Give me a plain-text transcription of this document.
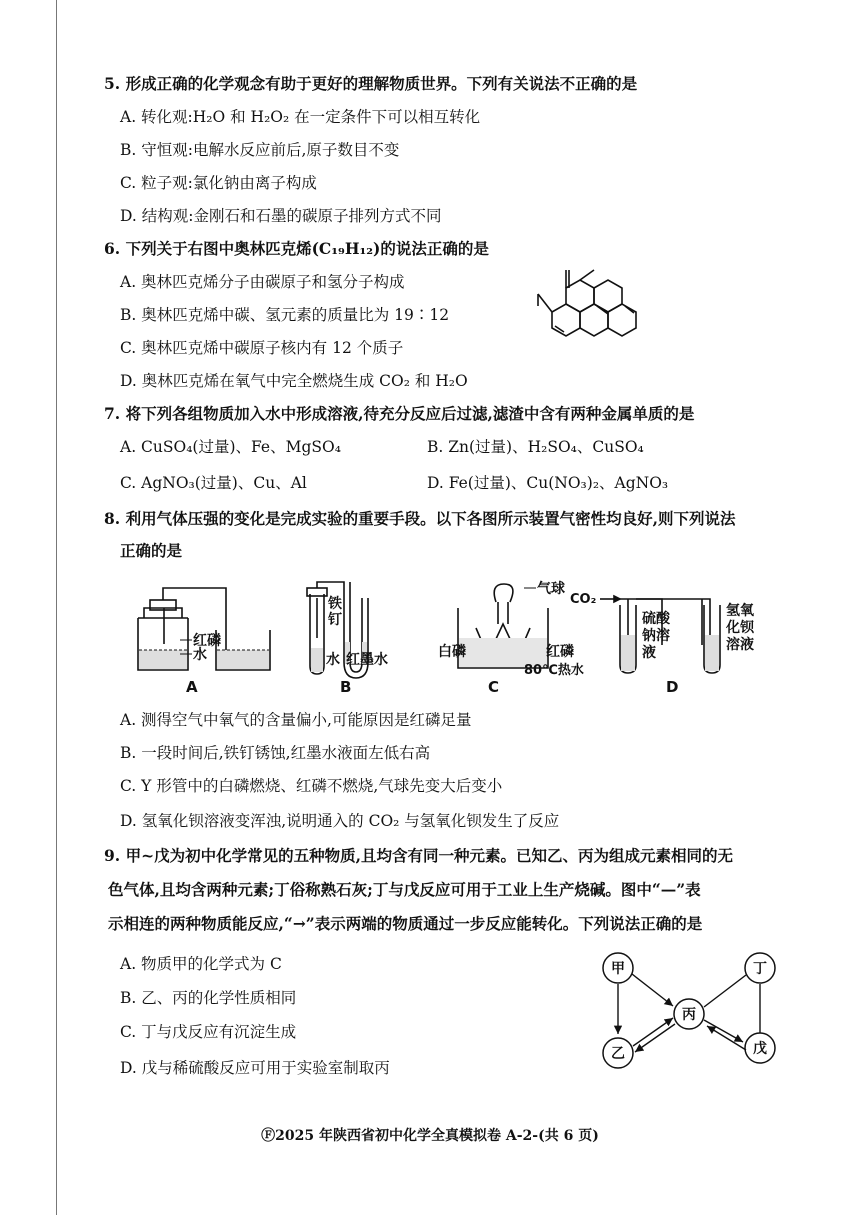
5. 形成正确的化学观念有助于更好的理解物质世界。下列有关说法不正确的是
A. 转化观:H₂O 和 H₂O₂ 在一定条件下可以相互转化
B. 守恒观:电解水反应前后,原子数目不变
C. 粒子观:氯化钠由离子构成
D. 结构观:金刚石和石墨的碳原子排列方式不同
6. 下列关于右图中奥林匹克烯(C₁₉H₁₂)的说法正确的是
A. 奥林匹克烯分子由碳原子和氢分子构成
B. 奥林匹克烯中碳、氢元素的质量比为 19∶12
C. 奥林匹克烯中碳原子核内有 12 个质子
D. 奥林匹克烯在氧气中完全燃烧生成 CO₂ 和 H₂O
7. 将下列各组物质加入水中形成溶液,待充分反应后过滤,滤渣中含有两种金属单质的是
A. CuSO₄(过量)、Fe、MgSO₄	B. Zn(过量)、H₂SO₄、CuSO₄
C. AgNO₃(过量)、Cu、Al	D. Fe(过量)、Cu(NO₃)₂、AgNO₃
8. 利用气体压强的变化是完成实验的重要手段。以下各图所示装置气密性均良好,则下列说法
正确的是
红磷
水
A
铁
钉
水 红墨水
B
气球
白磷	红磷
80℃热水
C
CO₂
硫酸
钠溶
液
氢氧
化钡
溶液
D
A. 测得空气中氧气的含量偏小,可能原因是红磷足量
B. 一段时间后,铁钉锈蚀,红墨水液面左低右高
C. Y 形管中的白磷燃烧、红磷不燃烧,气球先变大后变小
D. 氢氧化钡溶液变浑浊,说明通入的 CO₂ 与氢氧化钡发生了反应
9. 甲~戊为初中化学常见的五种物质,且均含有同一种元素。已知乙、丙为组成元素相同的无
色气体,且均含两种元素;丁俗称熟石灰;丁与戊反应可用于工业上生产烧碱。图中“—”表
示相连的两种物质能反应,“→”表示两端的物质通过一步反应能转化。下列说法正确的是
A. 物质甲的化学式为 C
B. 乙、丙的化学性质相同
C. 丁与戊反应有沉淀生成
D. 戊与稀硫酸反应可用于实验室制取丙
甲	丁
丙
乙	戊
Ⓕ2025 年陕西省初中化学全真模拟卷 A-2-(共 6 页)
